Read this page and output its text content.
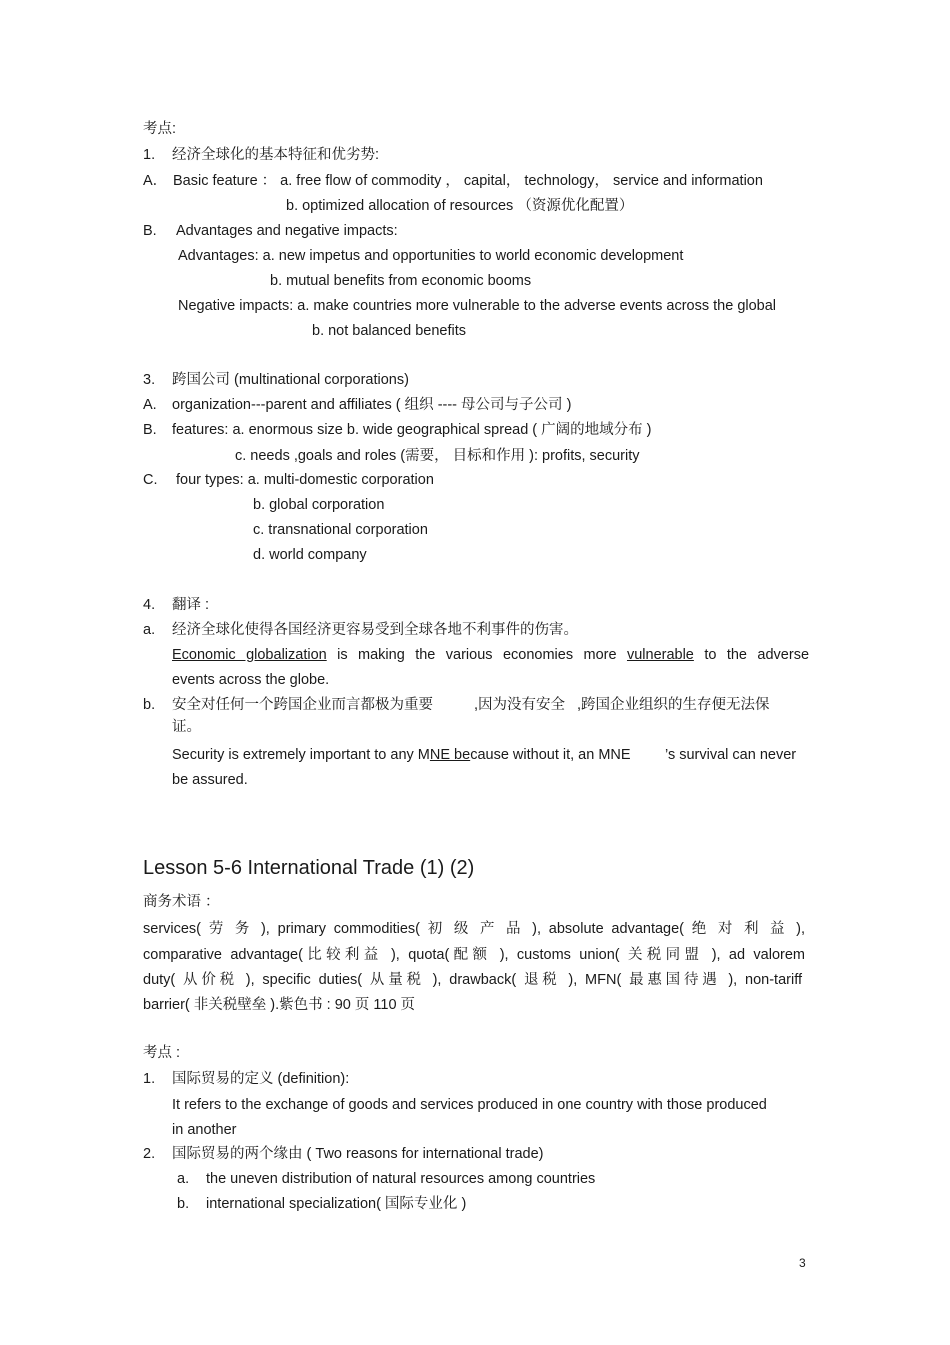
考点:
1. 经济全球化的基本特征和优劣势:
A． Basic feature ： a. free flow of commodity ， capital， technology， service and information
b. optimized allocation of resources （资源优化配置）
B. Advantages and negative impacts:
Advantages: a. new impetus and opportunities to world economic development
b. mutual benefits from economic booms
Negative impacts: a. make countries more vulnerable to the adverse events across the global
b. not balanced benefits
3. 跨国公司 (multinational corporations)
A. organization---parent and affiliates ( 组织 ---- 母公司与子公司 )
B. features: a. enormous size b. wide geographical spread ( 广阔的地域分布 )
c. needs ,goals and roles (需要， 目标和作用 ): profits, security
C. four types: a. multi-domestic corporation
b. global corporation
c. transnational corporation
d. world company
4. 翻译 :
a. 经济全球化使得各国经济更容易受到全球各地不利事件的伤害。
Economic globalization is making the various economies more vulnerable to the adverse
events across the globe.
b. 安全对任何一个跨国企业而言都极为重要	,因为没有安全 ,跨国企业组织的生存便无法保
证。
Security is extremely important to any MNE because without it, an MNE ’s survival can never
be assured.
Lesson 5-6 International Trade (1) (2)
商务术语 ：
services( 劳 务 ), primary commodities( 初 级 产 品 ), absolute advantage( 绝 对 利 益 ),
comparative advantage(比较利益 ), quota(配额 ), customs union( 关税同盟 ), ad valorem
duty( 从价税 ), specific duties( 从量税 ), drawback( 退税 ), MFN( 最惠国待遇 ), non-tariff
barrier( 非关税壁垒 ).紫色书 : 90 页 110 页
考点 :
1. 国际贸易的定义 (definition):
It refers to the exchange of goods and services produced in one country with those produced
in another
2. 国际贸易的两个缘由 ( Two reasons for international trade)
a. the uneven distribution of natural resources among countries
b. international specialization( 国际专业化 )
3
